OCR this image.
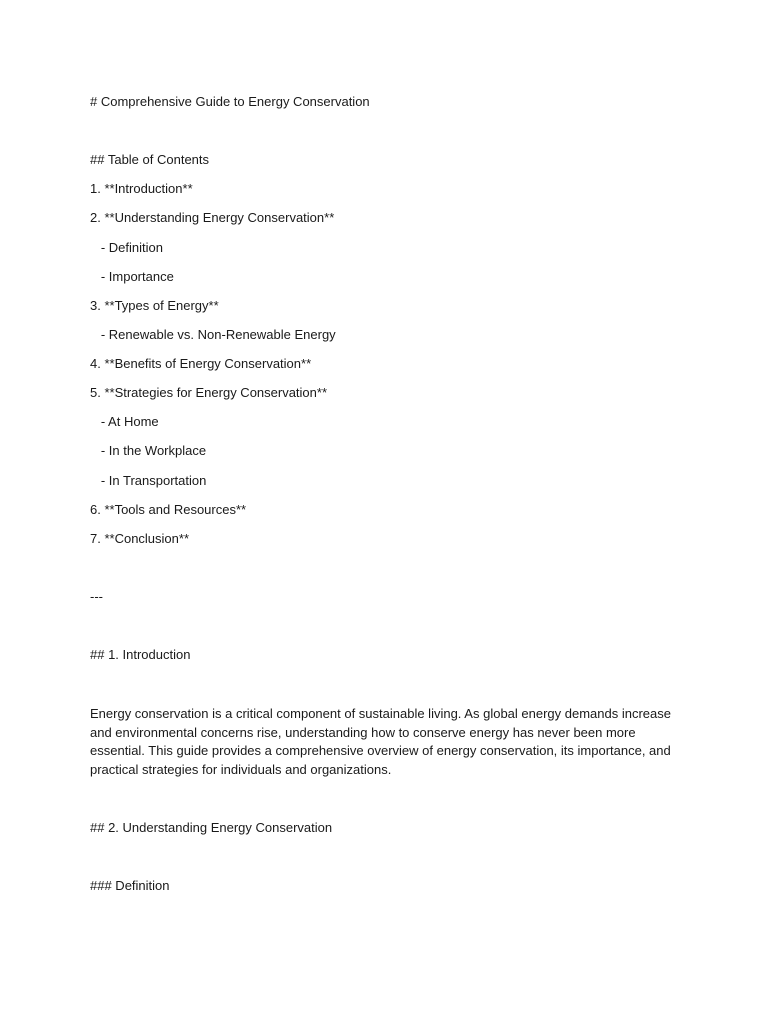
# Comprehensive Guide to Energy Conservation
## Table of Contents
1. **Introduction**
2. **Understanding Energy Conservation**
- Definition
- Importance
3. **Types of Energy**
- Renewable vs. Non-Renewable Energy
4. **Benefits of Energy Conservation**
5. **Strategies for Energy Conservation**
- At Home
- In the Workplace
- In Transportation
6. **Tools and Resources**
7. **Conclusion**
---
## 1. Introduction
Energy conservation is a critical component of sustainable living. As global energy demands increase and environmental concerns rise, understanding how to conserve energy has never been more essential. This guide provides a comprehensive overview of energy conservation, its importance, and practical strategies for individuals and organizations.
## 2. Understanding Energy Conservation
### Definition
